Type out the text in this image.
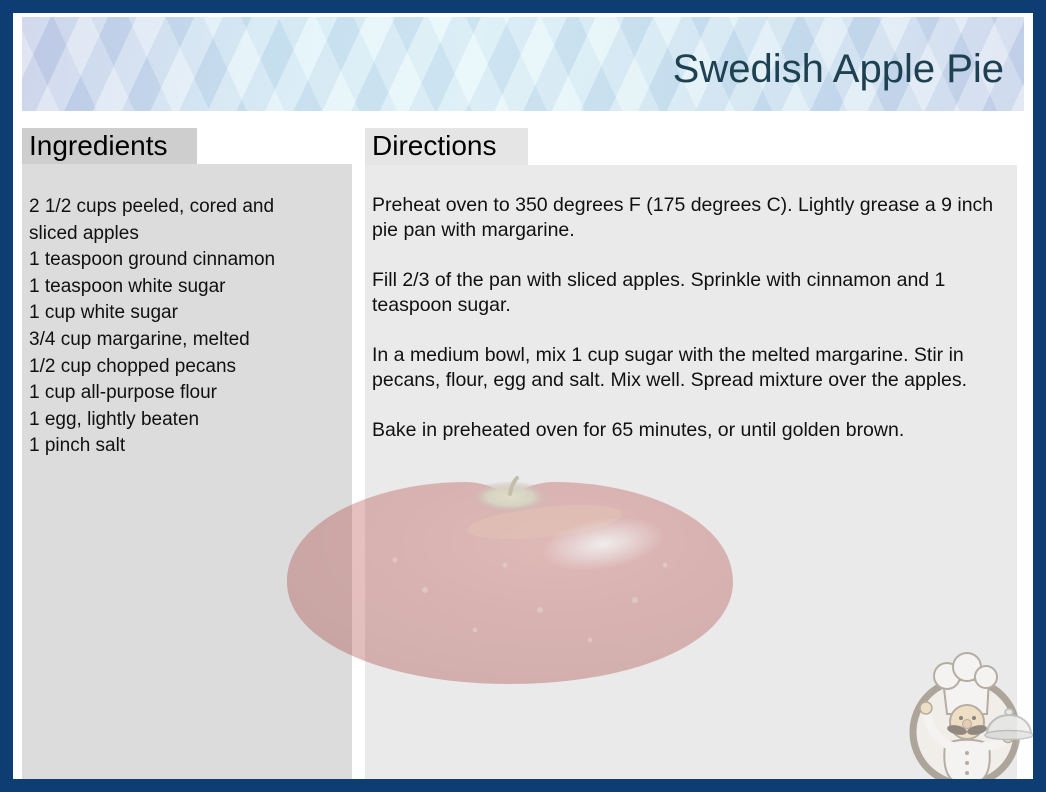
Swedish Apple Pie
Ingredients	Directions
2 1/2 cups peeled, cored and sliced apples
1 teaspoon ground cinnamon
1 teaspoon white sugar
1 cup white sugar
3/4 cup margarine, melted
1/2 cup chopped pecans
1 cup all-purpose flour
1 egg, lightly beaten
1 pinch salt

Preheat oven to 350 degrees F (175 degrees C). Lightly grease a 9 inch pie pan with margarine.

Fill 2/3 of the pan with sliced apples. Sprinkle with cinnamon and 1 teaspoon sugar.

In a medium bowl, mix 1 cup sugar with the melted margarine. Stir in pecans, flour, egg and salt. Mix well. Spread mixture over the apples.

Bake in preheated oven for 65 minutes, or until golden brown.
